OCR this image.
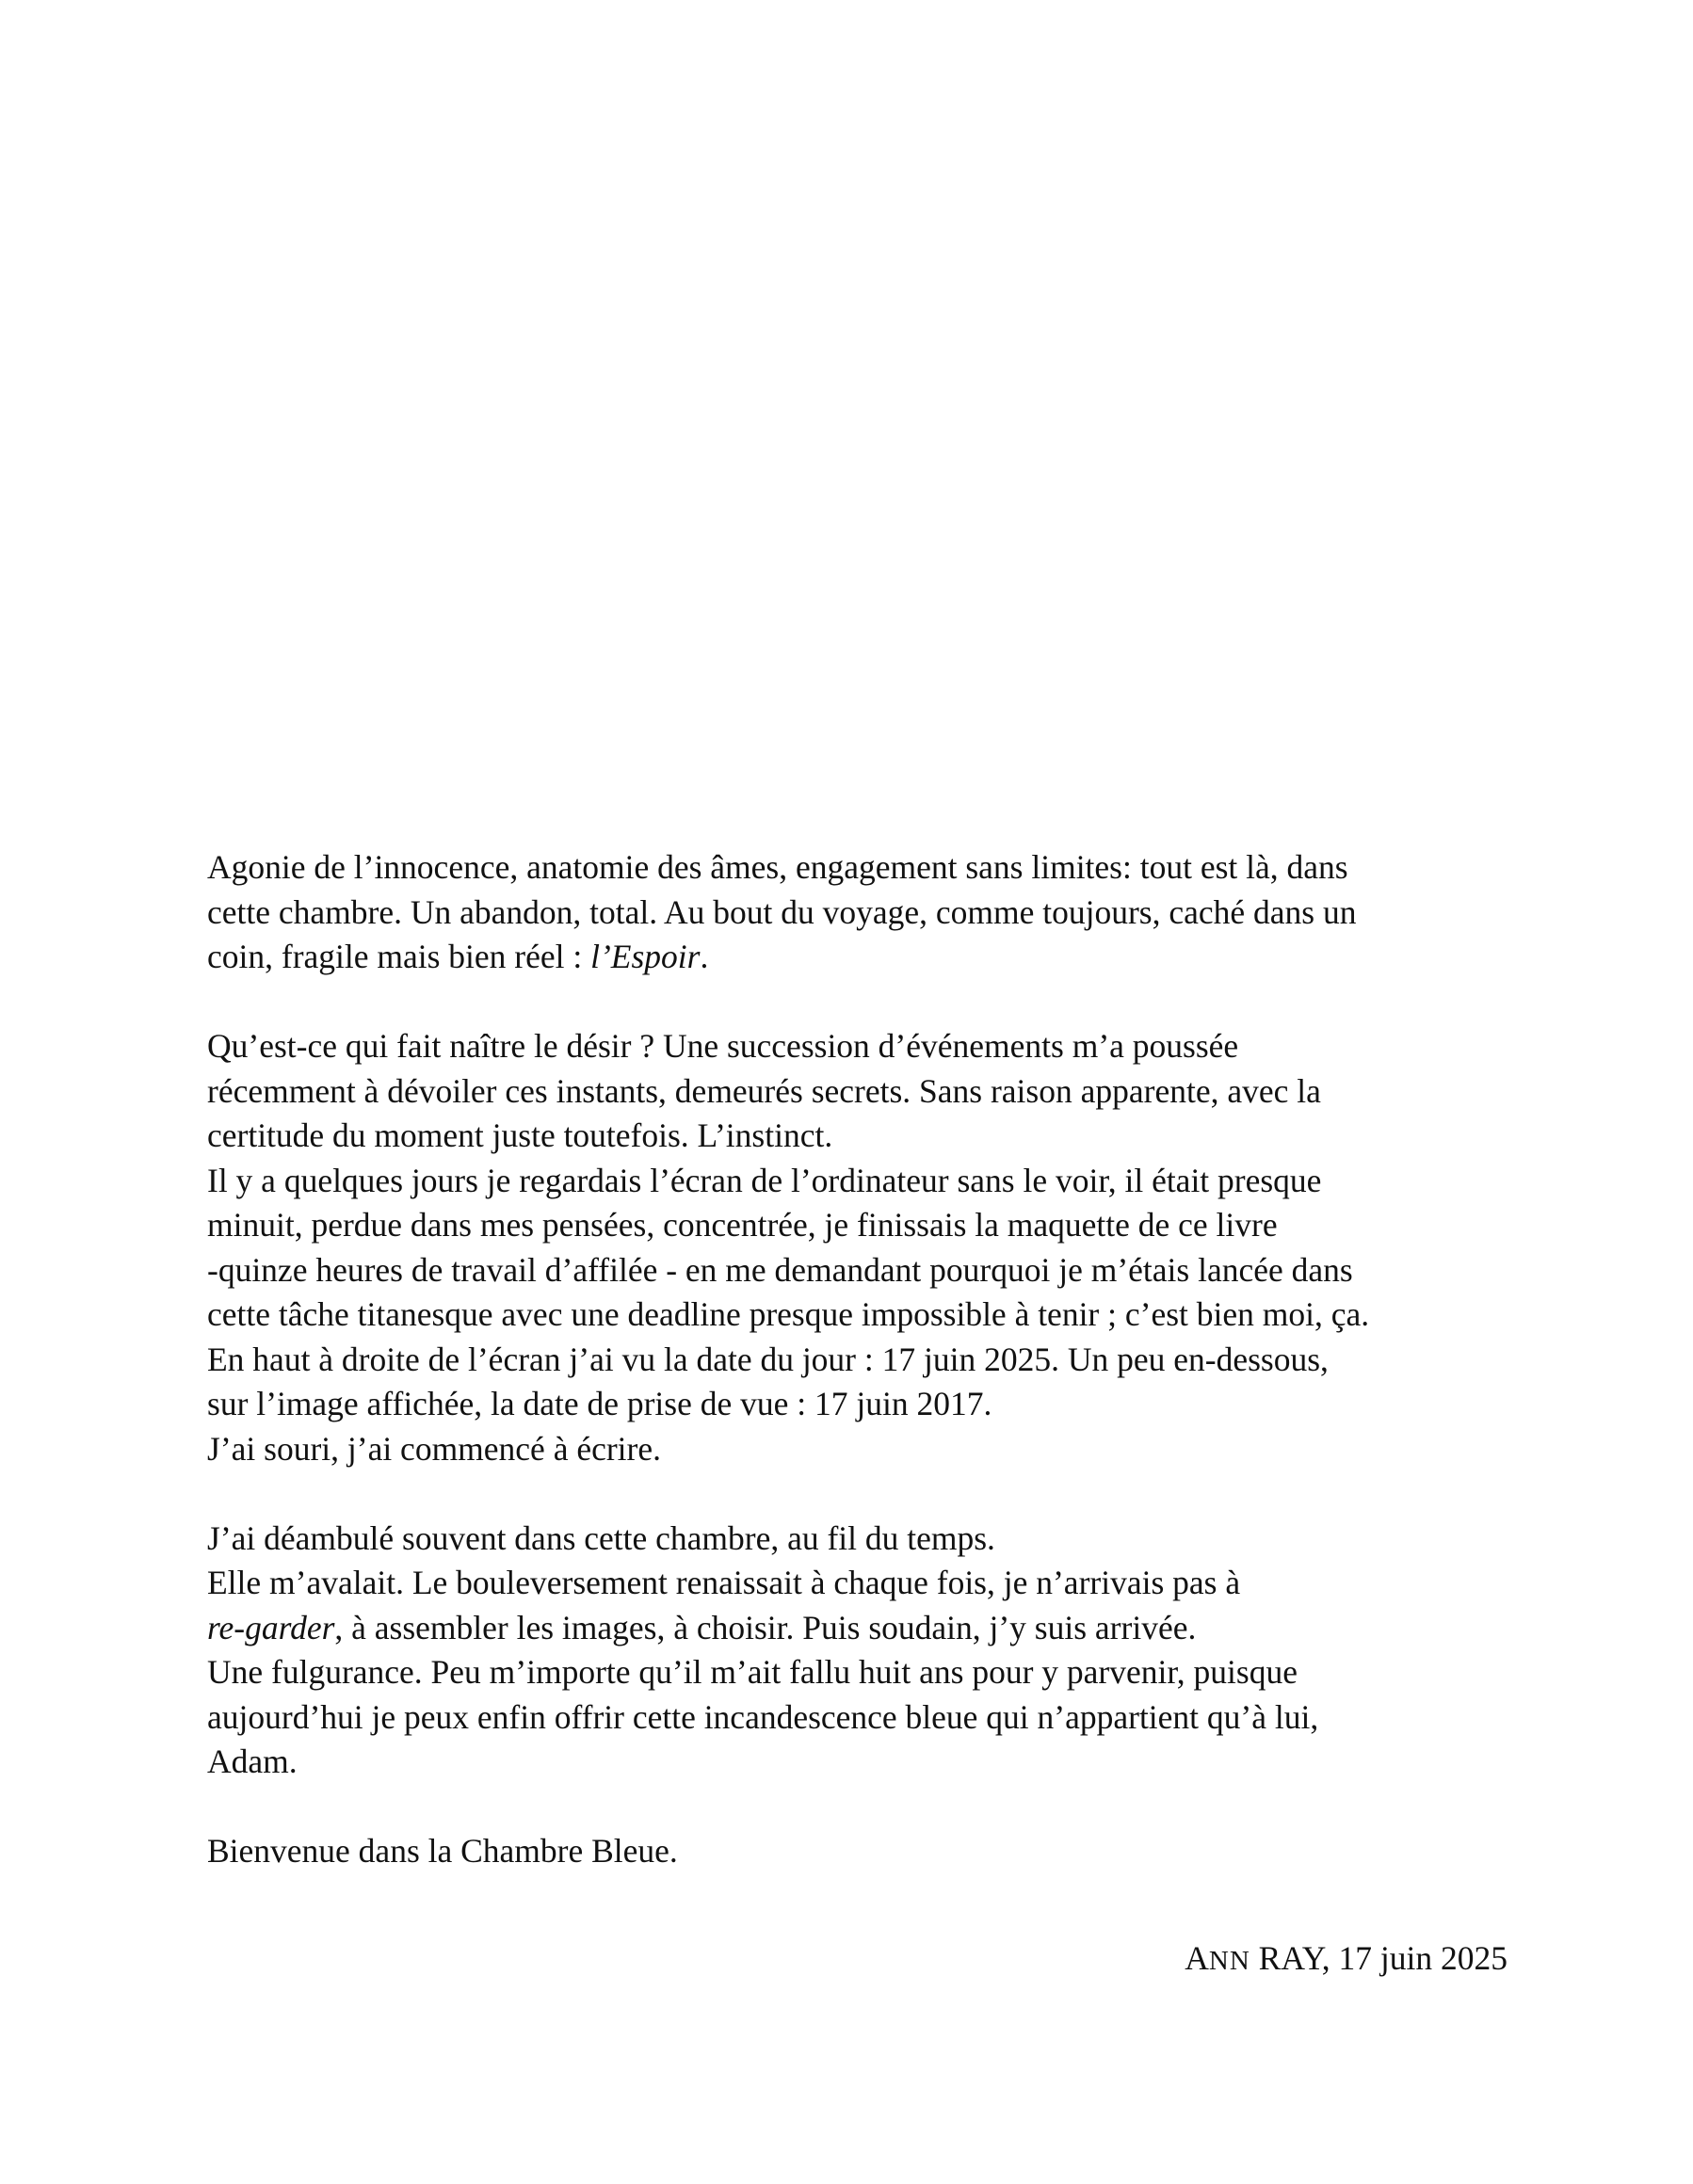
Agonie de l’innocence, anatomie des âmes, engagement sans limites: tout est là, dans
cette chambre. Un abandon, total. Au bout du voyage, comme toujours, caché dans un
coin, fragile mais bien réel : l’Espoir.
Qu’est-ce qui fait naître le désir ? Une succession d’événements m’a poussée
récemment à dévoiler ces instants, demeurés secrets. Sans raison apparente, avec la
certitude du moment juste toutefois. L’instinct.
Il y a quelques jours je regardais l’écran de l’ordinateur sans le voir, il était presque
minuit, perdue dans mes pensées, concentrée, je finissais la maquette de ce livre
-quinze heures de travail d’affilée - en me demandant pourquoi je m’étais lancée dans
cette tâche titanesque avec une deadline presque impossible à tenir ; c’est bien moi, ça.
En haut à droite de l’écran j’ai vu la date du jour : 17 juin 2025. Un peu en-dessous,
sur l’image affichée, la date de prise de vue : 17 juin 2017.
J’ai souri, j’ai commencé à écrire.
J’ai déambulé souvent dans cette chambre, au fil du temps.
Elle m’avalait. Le bouleversement renaissait à chaque fois, je n’arrivais pas à
re-garder, à assembler les images, à choisir. Puis soudain, j’y suis arrivée.
Une fulgurance. Peu m’importe qu’il m’ait fallu huit ans pour y parvenir, puisque
aujourd’hui je peux enfin offrir cette incandescence bleue qui n’appartient qu’à lui,
Adam.
Bienvenue dans la Chambre Bleue.
ANN RAY, 17 juin 2025
